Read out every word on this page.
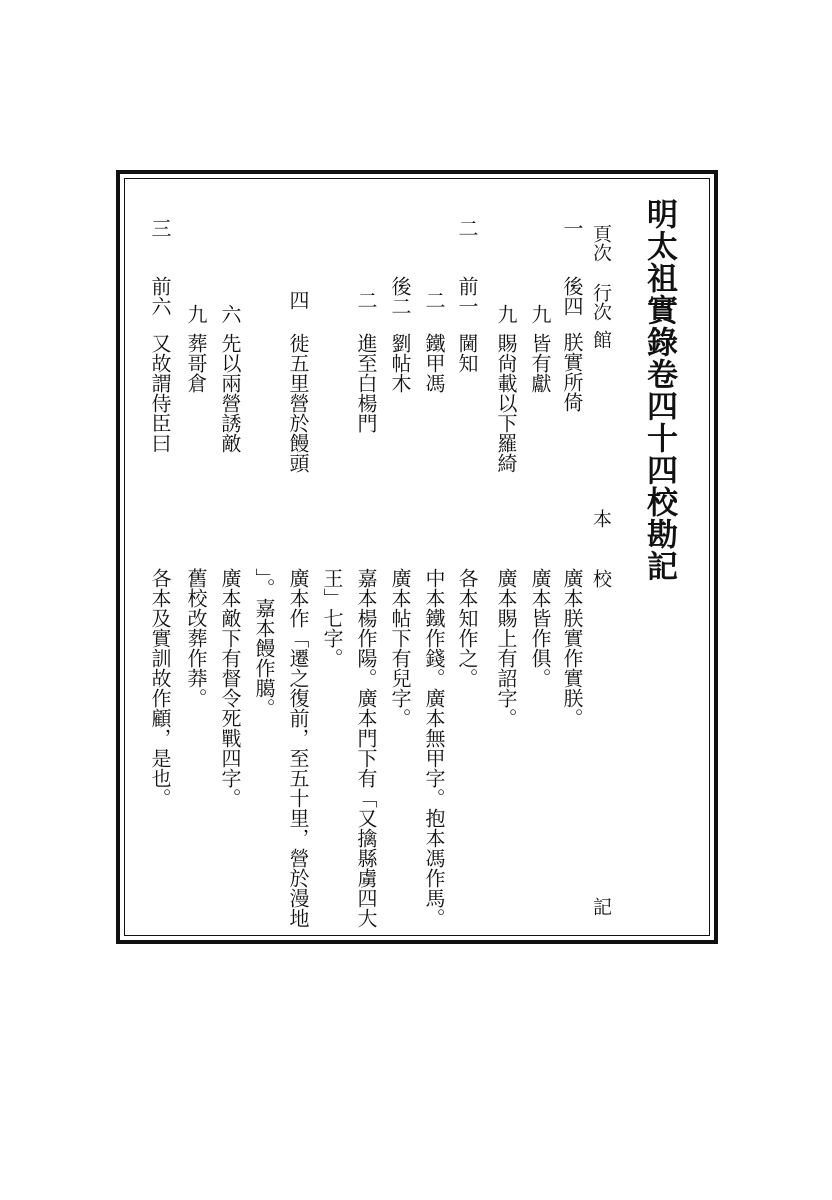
明太祖實錄卷四十四校勘記
頁次
行次
館
本
校
記
一
後四
朕實所倚
廣本朕實作實朕。
九
皆有獻
廣本皆作俱。
九
賜尙載以下羅綺
廣本賜上有詔字。
二
前一
閫知
各本知作之。
二
鐵甲馮
中本鐵作錢。廣本無甲字。抱本馮作馬。
後二
劉帖木
廣本帖下有兒字。
二
進至白楊門
嘉本楊作陽。廣本門下有「又擒縣虜四大
王」七字。
四
徙五里營於饅頭
廣本作「遷之復前，至五十里，營於漫地
」。嘉本饅作臈。
六
先以兩營誘敵
廣本敵下有督令死戰四字。
九
葬哥倉
舊校改葬作莽。
三
前六
又故謂侍臣曰
各本及實訓故作顧，是也。
